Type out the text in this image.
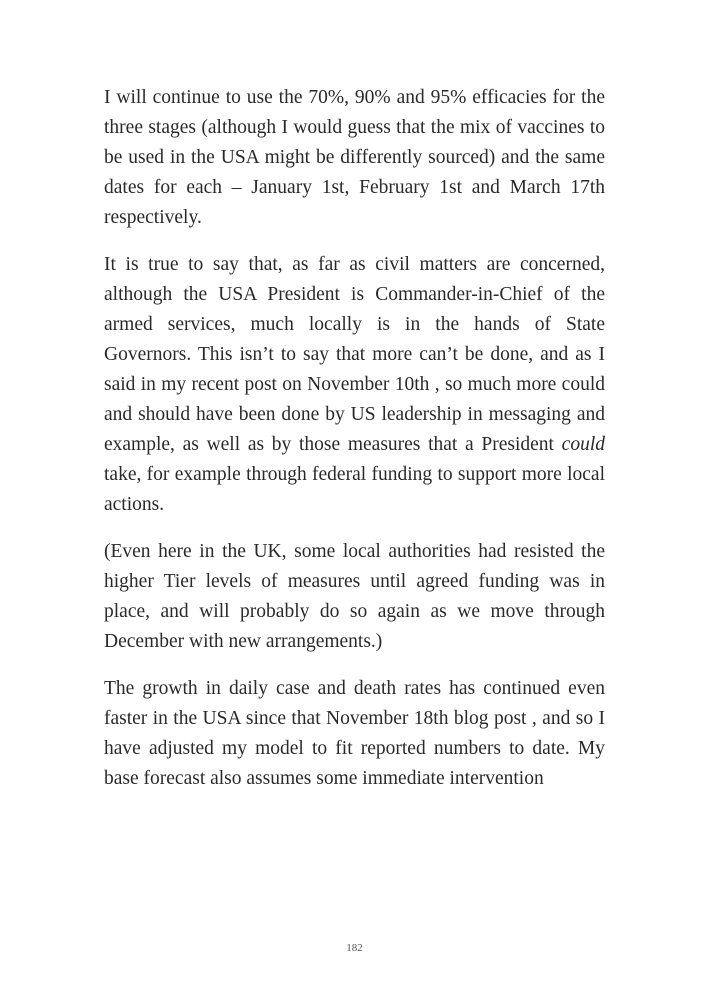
I will continue to use the 70%, 90% and 95% efficacies for the three stages (although I would guess that the mix of vaccines to be used in the USA might be differently sourced) and the same dates for each – January 1st, February 1st and March 17th respectively.

It is true to say that, as far as civil matters are concerned, although the USA President is Commander-in-Chief of the armed services, much locally is in the hands of State Governors. This isn’t to say that more can’t be done, and as I said in my recent post on November 10th , so much more could and should have been done by US leadership in messaging and example, as well as by those measures that a President could take, for example through federal funding to support more local actions.

(Even here in the UK, some local authorities had resisted the higher Tier levels of measures until agreed funding was in place, and will probably do so again as we move through December with new arrangements.)

The growth in daily case and death rates has continued even faster in the USA since that November 18th blog post , and so I have adjusted my model to fit reported numbers to date. My base forecast also assumes some immediate intervention

182
